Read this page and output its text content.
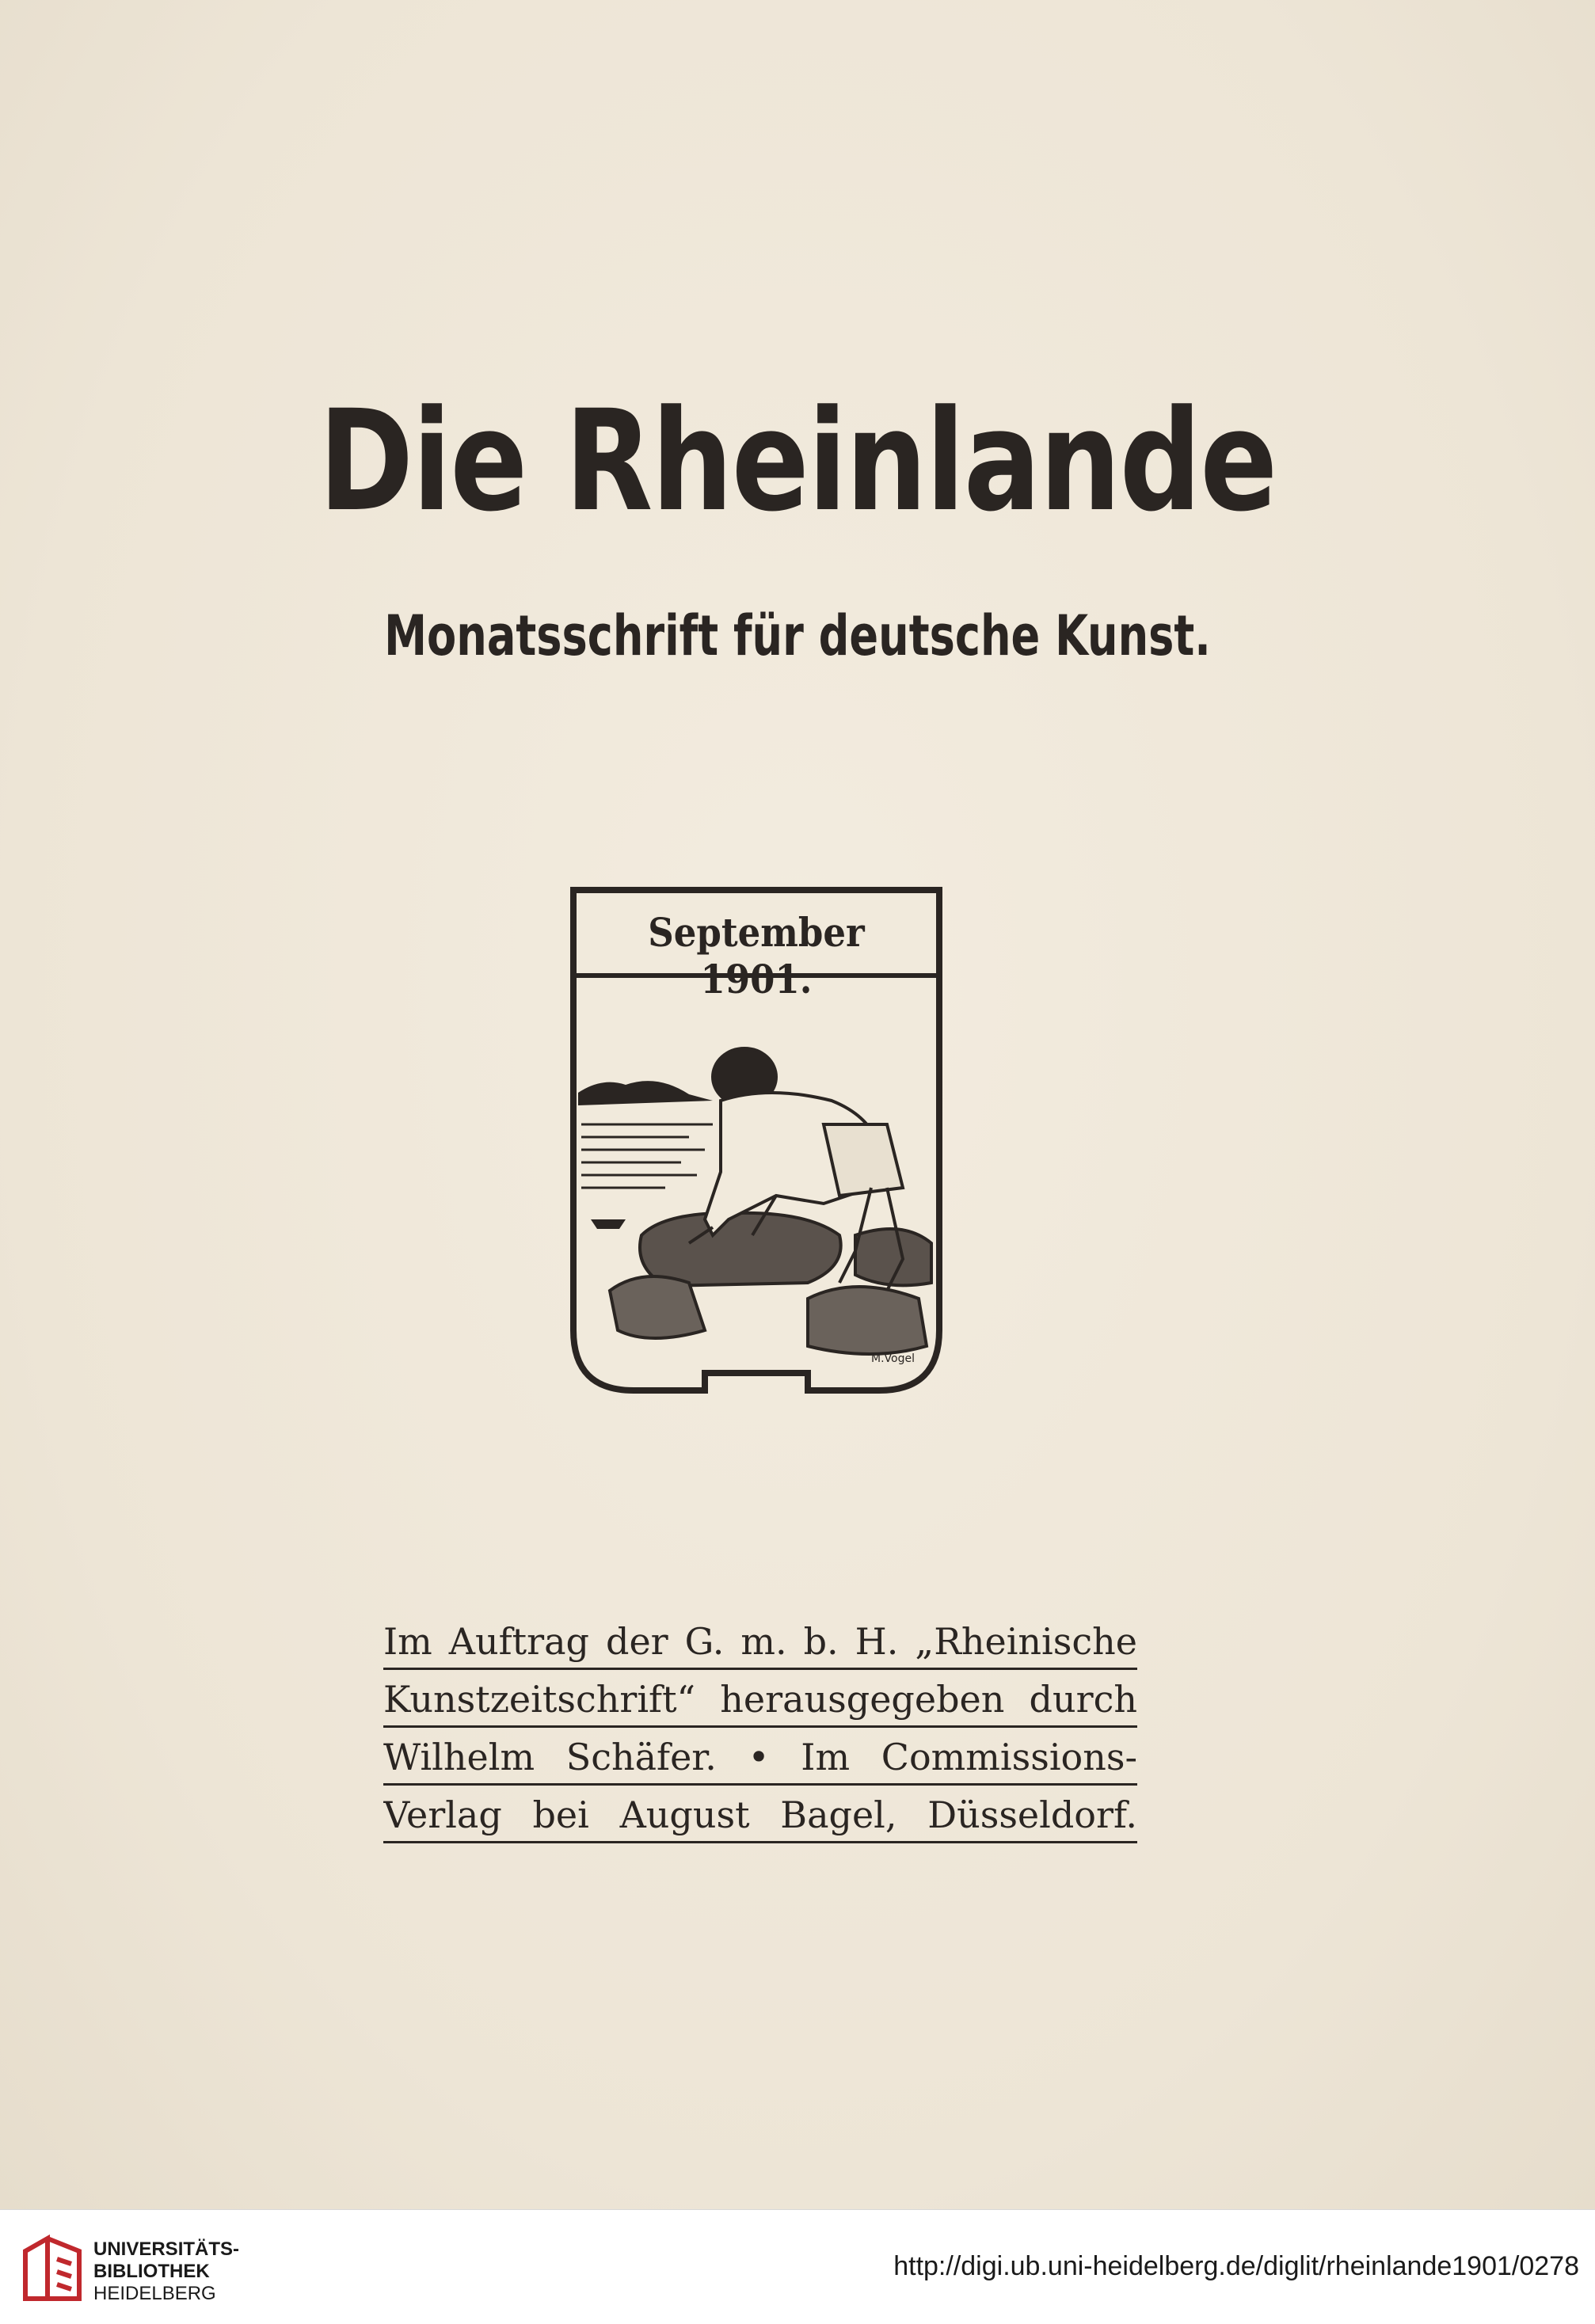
Die Rheinlande
Monatsschrift für deutsche Kunst.
M.Vogel
September 1901.
Im Auftrag der G. m. b. H. „Rheinische
Kunstzeitschrift“ herausgegeben durch
Wilhelm Schäfer. • Im Commissions-
Verlag bei August Bagel, Düsseldorf.
UNIVERSITÄTS-
BIBLIOTHEK
HEIDELBERG
http://digi.ub.uni-heidelberg.de/diglit/rheinlande1901/0278
